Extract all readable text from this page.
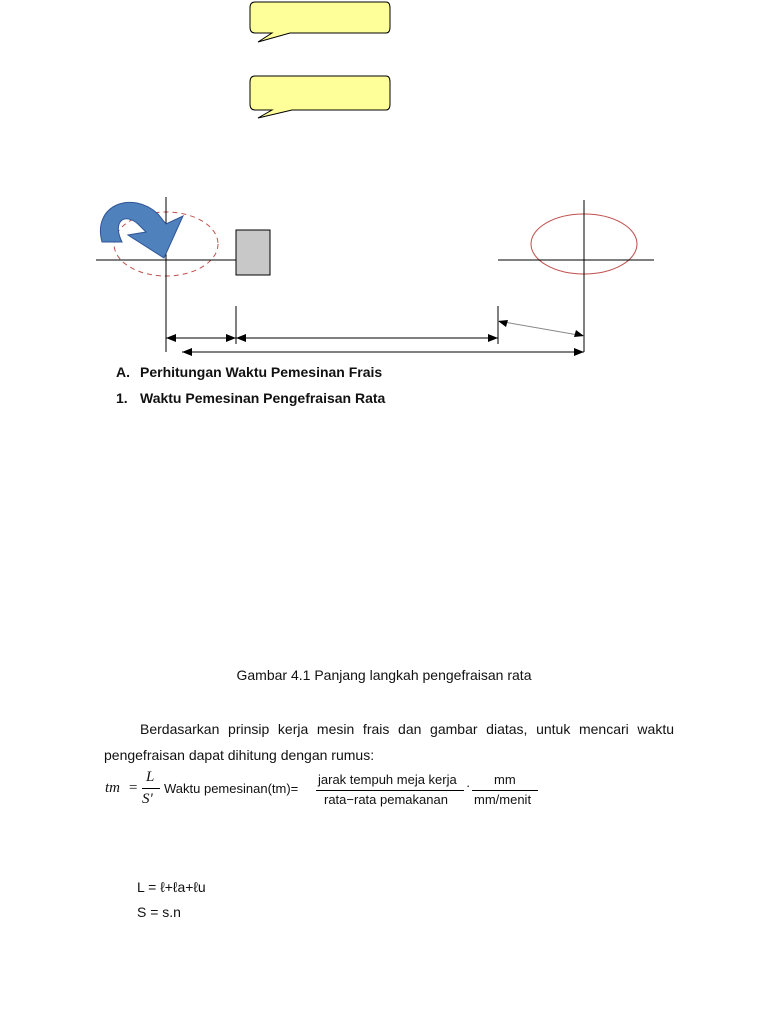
A. Perhitungan Waktu Pemesinan Frais
1. Waktu Pemesinan Pengefraisan Rata
Gambar 4.1 Panjang langkah pengefraisan rata

Berdasarkan prinsip kerja mesin frais dan gambar diatas, untuk mencari waktu pengefraisan dapat dihitung dengan rumus:

tm =
L
S'
Waktu pemesinan(tm)=
jarak tempuh meja kerja
rata−rata pemakanan
· mm
mm/menit
L = ℓ+ℓa+ℓu
S = s.n
